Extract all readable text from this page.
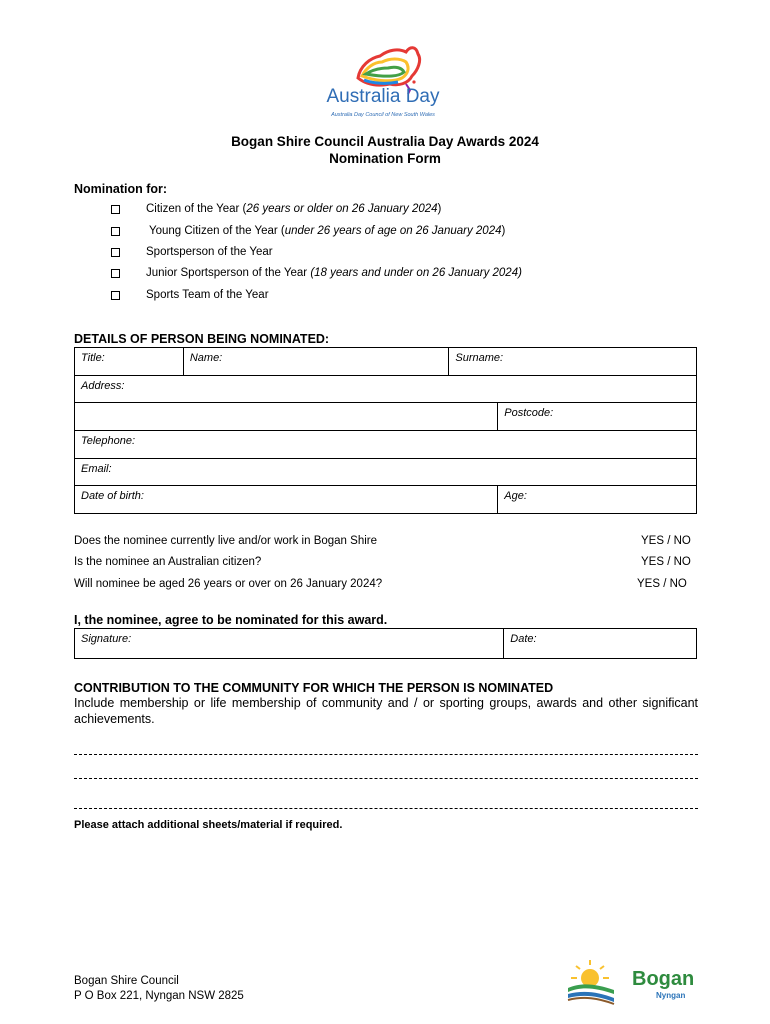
Australia Day
Australia Day Council of New South Wales
Bogan Shire Council Australia Day Awards 2024
Nomination Form
Nomination for:
Citizen of the Year (26 years or older on 26 January 2024)
Young Citizen of the Year (under 26 years of age on 26 January 2024)
Sportsperson of the Year
Junior Sportsperson of the Year (18 years and under on 26 January 2024)
Sports Team of the Year
DETAILS OF PERSON BEING NOMINATED:
Title:	Name:	Surname:
Address:
	Postcode:
Telephone:
Email:
Date of birth:	Age:
Does the nominee currently live and/or work in Bogan Shire	YES / NO
Is the nominee an Australian citizen?	YES / NO
Will nominee be aged 26 years or over on 26 January 2024?	YES / NO
I, the nominee, agree to be nominated for this award.
Signature:	Date:
CONTRIBUTION TO THE COMMUNITY FOR WHICH THE PERSON IS NOMINATED
Include membership or life membership of community and / or sporting groups, awards and other significant achievements.
Please attach additional sheets/material if required.
Bogan Shire Council
P O Box 221, Nyngan NSW 2825
Bogan
Nyngan
